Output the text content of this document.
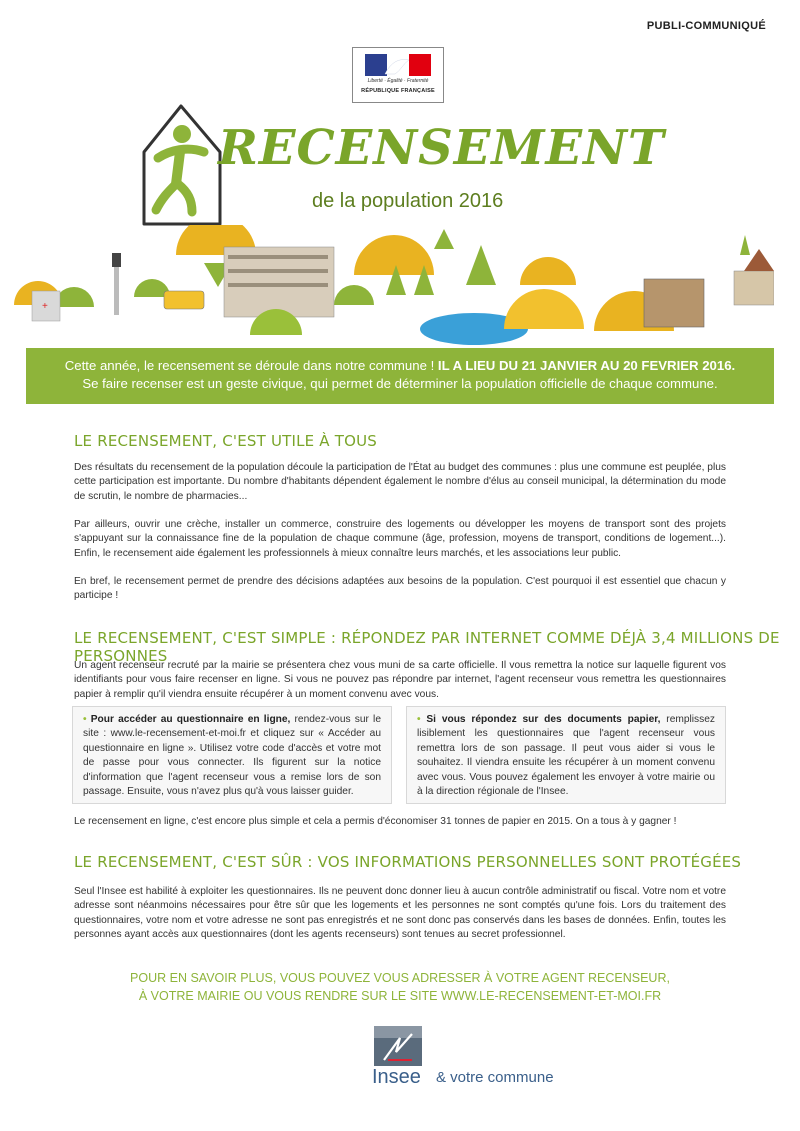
PUBLI-COMMUNIQUÉ
Liberté · Égalité · Fraternité
RÉPUBLIQUE FRANÇAISE
RECENSEMENT
de la population 2016
+
Cette année, le recensement se déroule dans notre commune ! IL A LIEU DU 21 JANVIER AU 20 FEVRIER 2016.
Se faire recenser est un geste civique, qui permet de déterminer la population officielle de chaque commune.
LE RECENSEMENT, C'EST UTILE À TOUS
Des résultats du recensement de la population découle la participation de l'État au budget des communes : plus une commune est peuplée, plus cette participation est importante. Du nombre d'habitants dépendent également le nombre d'élus au conseil municipal, la détermination du mode de scrutin, le nombre de pharmacies...
Par ailleurs, ouvrir une crèche, installer un commerce, construire des logements ou développer les moyens de transport sont des projets s'appuyant sur la connaissance fine de la population de chaque commune (âge, profession, moyens de transport, conditions de logement...). Enfin, le recensement aide également les professionnels à mieux connaître leurs marchés, et les associations leur public.
En bref, le recensement permet de prendre des décisions adaptées aux besoins de la population. C'est pourquoi il est essentiel que chacun y participe !
LE RECENSEMENT, C'EST SIMPLE : RÉPONDEZ PAR INTERNET COMME DÉJÀ 3,4 MILLIONS DE PERSONNES
Un agent recenseur recruté par la mairie se présentera chez vous muni de sa carte officielle. Il vous remettra la notice sur laquelle figurent vos identifiants pour vous faire recenser en ligne. Si vous ne pouvez pas répondre par internet, l'agent recenseur vous remettra les questionnaires papier à remplir qu'il viendra ensuite récupérer à un moment convenu avec vous.
• Pour accéder au questionnaire en ligne, rendez-vous sur le site : www.le-recensement-et-moi.fr et cliquez sur « Accéder au questionnaire en ligne ». Utilisez votre code d'accès et votre mot de passe pour vous connecter. Ils figurent sur la notice d'information que l'agent recenseur vous a remise lors de son passage. Ensuite, vous n'avez plus qu'à vous laisser guider.
• Si vous répondez sur des documents papier, remplissez lisiblement les questionnaires que l'agent recenseur vous remettra lors de son passage. Il peut vous aider si vous le souhaitez. Il viendra ensuite les récupérer à un moment convenu avec vous. Vous pouvez également les envoyer à votre mairie ou à la direction régionale de l'Insee.
Le recensement en ligne, c'est encore plus simple et cela a permis d'économiser 31 tonnes de papier en 2015. On a tous à y gagner !
LE RECENSEMENT, C'EST SÛR : VOS INFORMATIONS PERSONNELLES SONT PROTÉGÉES
Seul l'Insee est habilité à exploiter les questionnaires. Ils ne peuvent donc donner lieu à aucun contrôle administratif ou fiscal. Votre nom et votre adresse sont néanmoins nécessaires pour être sûr que les logements et les personnes ne sont comptés qu'une fois. Lors du traitement des questionnaires, votre nom et votre adresse ne sont pas enregistrés et ne sont donc pas conservés dans les bases de données. Enfin, toutes les personnes ayant accès aux questionnaires (dont les agents recenseurs) sont tenues au secret professionnel.
POUR EN SAVOIR PLUS, VOUS POUVEZ VOUS ADRESSER À VOTRE AGENT RECENSEUR,
À VOTRE MAIRIE OU VOUS RENDRE SUR LE SITE WWW.LE-RECENSEMENT-ET-MOI.FR
Insee & votre commune
